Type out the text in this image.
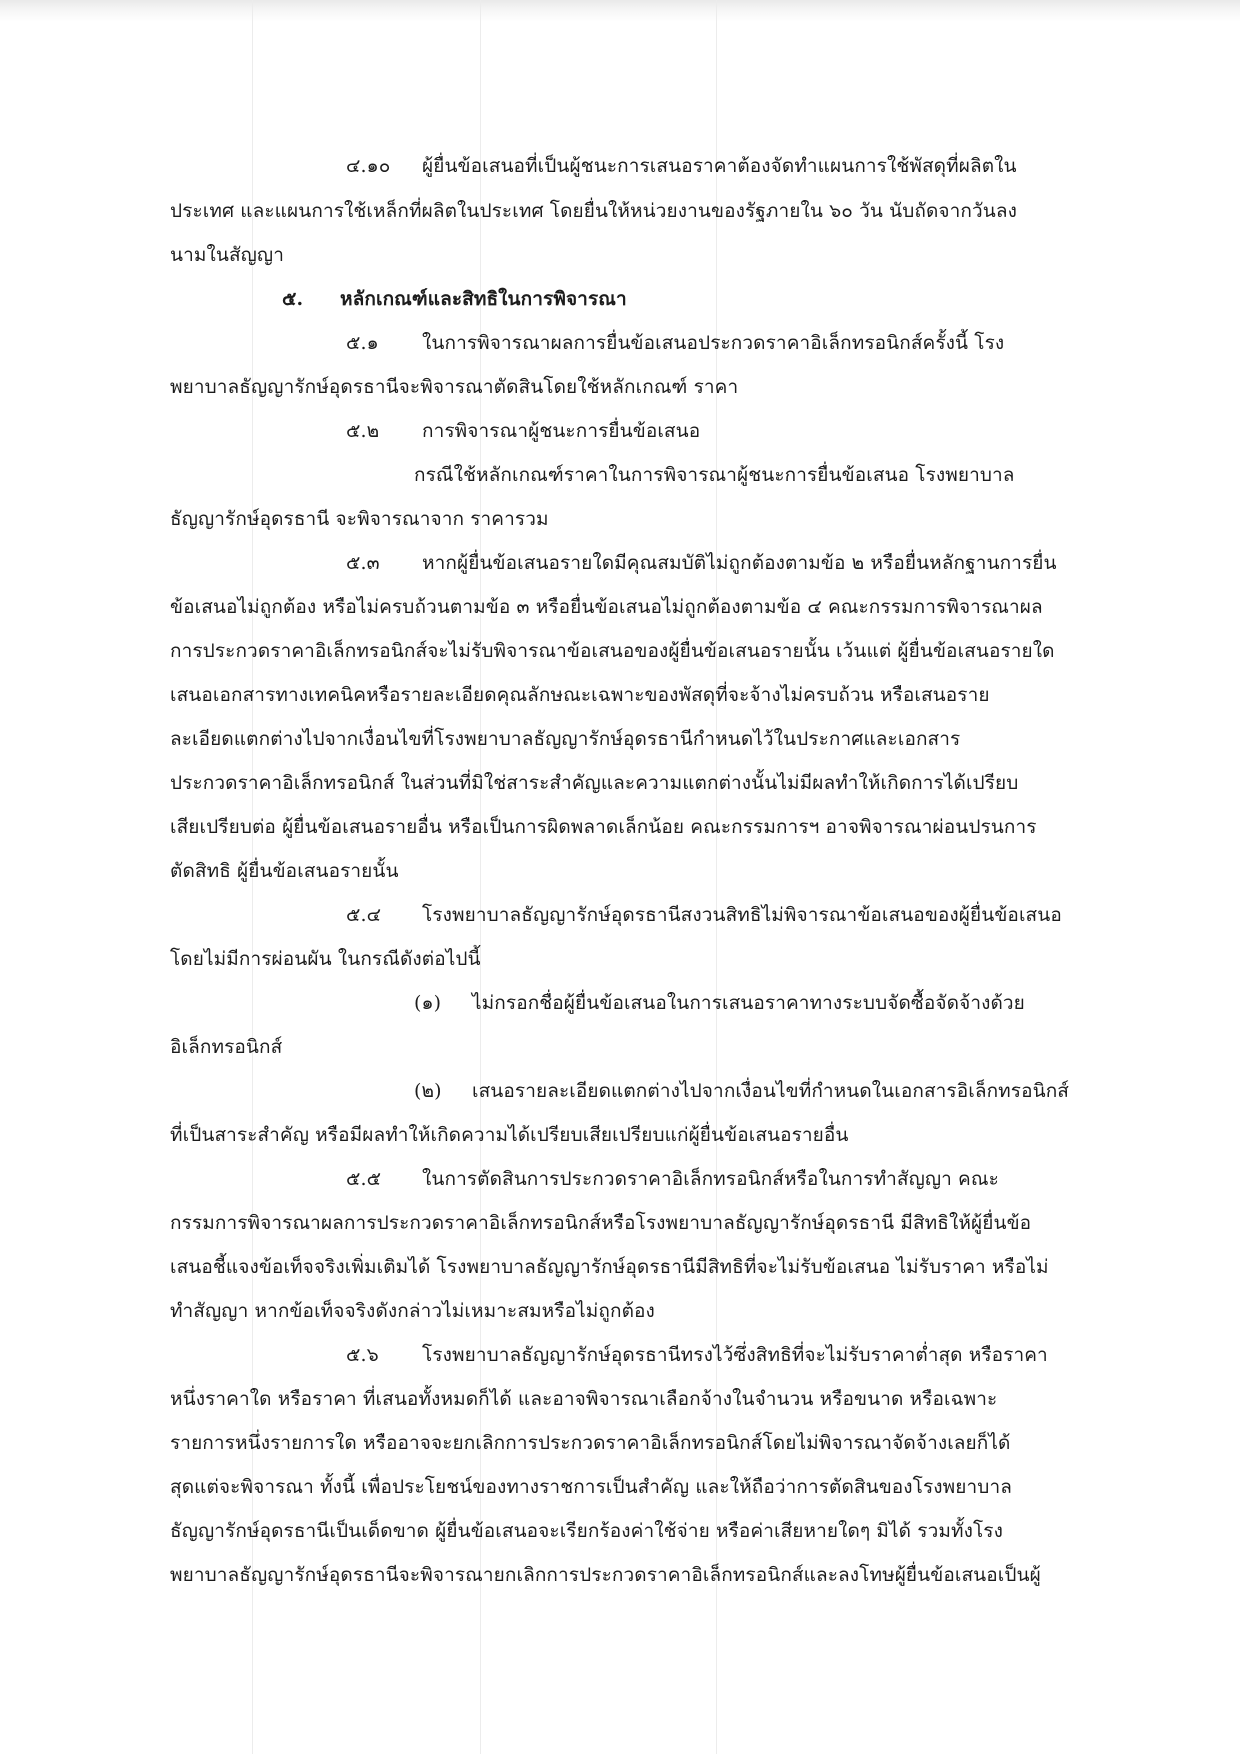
๔.๑๐ ผู้ยื่นข้อเสนอที่เป็นผู้ชนะการเสนอราคาต้องจัดทำแผนการใช้พัสดุที่ผลิตใน

ประเทศ และแผนการใช้เหล็กที่ผลิตในประเทศ โดยยื่นให้หน่วยงานของรัฐภายใน ๖๐ วัน นับถัดจากวันลง

นามในสัญญา

๕. หลักเกณฑ์และสิทธิในการพิจารณา

๕.๑ ในการพิจารณาผลการยื่นข้อเสนอประกวดราคาอิเล็กทรอนิกส์ครั้งนี้ โรง

พยาบาลธัญญารักษ์อุดรธานีจะพิจารณาตัดสินโดยใช้หลักเกณฑ์ ราคา

๕.๒ การพิจารณาผู้ชนะการยื่นข้อเสนอ

กรณีใช้หลักเกณฑ์ราคาในการพิจารณาผู้ชนะการยื่นข้อเสนอ โรงพยาบาล

ธัญญารักษ์อุดรธานี จะพิจารณาจาก ราคารวม

๕.๓ หากผู้ยื่นข้อเสนอรายใดมีคุณสมบัติไม่ถูกต้องตามข้อ ๒ หรือยื่นหลักฐานการยื่น

ข้อเสนอไม่ถูกต้อง หรือไม่ครบถ้วนตามข้อ ๓ หรือยื่นข้อเสนอไม่ถูกต้องตามข้อ ๔ คณะกรรมการพิจารณาผล

การประกวดราคาอิเล็กทรอนิกส์จะไม่รับพิจารณาข้อเสนอของผู้ยื่นข้อเสนอรายนั้น เว้นแต่ ผู้ยื่นข้อเสนอรายใด

เสนอเอกสารทางเทคนิคหรือรายละเอียดคุณลักษณะเฉพาะของพัสดุที่จะจ้างไม่ครบถ้วน หรือเสนอราย

ละเอียดแตกต่างไปจากเงื่อนไขที่โรงพยาบาลธัญญารักษ์อุดรธานีกำหนดไว้ในประกาศและเอกสาร

ประกวดราคาอิเล็กทรอนิกส์ ในส่วนที่มิใช่สาระสำคัญและความแตกต่างนั้นไม่มีผลทำให้เกิดการได้เปรียบ

เสียเปรียบต่อ ผู้ยื่นข้อเสนอรายอื่น หรือเป็นการผิดพลาดเล็กน้อย คณะกรรมการฯ อาจพิจารณาผ่อนปรนการ

ตัดสิทธิ ผู้ยื่นข้อเสนอรายนั้น

๕.๔ โรงพยาบาลธัญญารักษ์อุดรธานีสงวนสิทธิไม่พิจารณาข้อเสนอของผู้ยื่นข้อเสนอ

โดยไม่มีการผ่อนผัน ในกรณีดังต่อไปนี้

(๑) ไม่กรอกชื่อผู้ยื่นข้อเสนอในการเสนอราคาทางระบบจัดซื้อจัดจ้างด้วย

อิเล็กทรอนิกส์

(๒) เสนอรายละเอียดแตกต่างไปจากเงื่อนไขที่กำหนดในเอกสารอิเล็กทรอนิกส์

ที่เป็นสาระสำคัญ หรือมีผลทำให้เกิดความได้เปรียบเสียเปรียบแก่ผู้ยื่นข้อเสนอรายอื่น

๕.๕ ในการตัดสินการประกวดราคาอิเล็กทรอนิกส์หรือในการทำสัญญา คณะ

กรรมการพิจารณาผลการประกวดราคาอิเล็กทรอนิกส์หรือโรงพยาบาลธัญญารักษ์อุดรธานี มีสิทธิให้ผู้ยื่นข้อ

เสนอชี้แจงข้อเท็จจริงเพิ่มเติมได้ โรงพยาบาลธัญญารักษ์อุดรธานีมีสิทธิที่จะไม่รับข้อเสนอ ไม่รับราคา หรือไม่

ทำสัญญา หากข้อเท็จจริงดังกล่าวไม่เหมาะสมหรือไม่ถูกต้อง

๕.๖ โรงพยาบาลธัญญารักษ์อุดรธานีทรงไว้ซึ่งสิทธิที่จะไม่รับราคาต่ำสุด หรือราคา

หนึ่งราคาใด หรือราคา ที่เสนอทั้งหมดก็ได้ และอาจพิจารณาเลือกจ้างในจำนวน หรือขนาด หรือเฉพาะ

รายการหนึ่งรายการใด หรืออาจจะยกเลิกการประกวดราคาอิเล็กทรอนิกส์โดยไม่พิจารณาจัดจ้างเลยก็ได้

สุดแต่จะพิจารณา ทั้งนี้ เพื่อประโยชน์ของทางราชการเป็นสำคัญ และให้ถือว่าการตัดสินของโรงพยาบาล

ธัญญารักษ์อุดรธานีเป็นเด็ดขาด ผู้ยื่นข้อเสนอจะเรียกร้องค่าใช้จ่าย หรือค่าเสียหายใดๆ มิได้ รวมทั้งโรง

พยาบาลธัญญารักษ์อุดรธานีจะพิจารณายกเลิกการประกวดราคาอิเล็กทรอนิกส์และลงโทษผู้ยื่นข้อเสนอเป็นผู้
